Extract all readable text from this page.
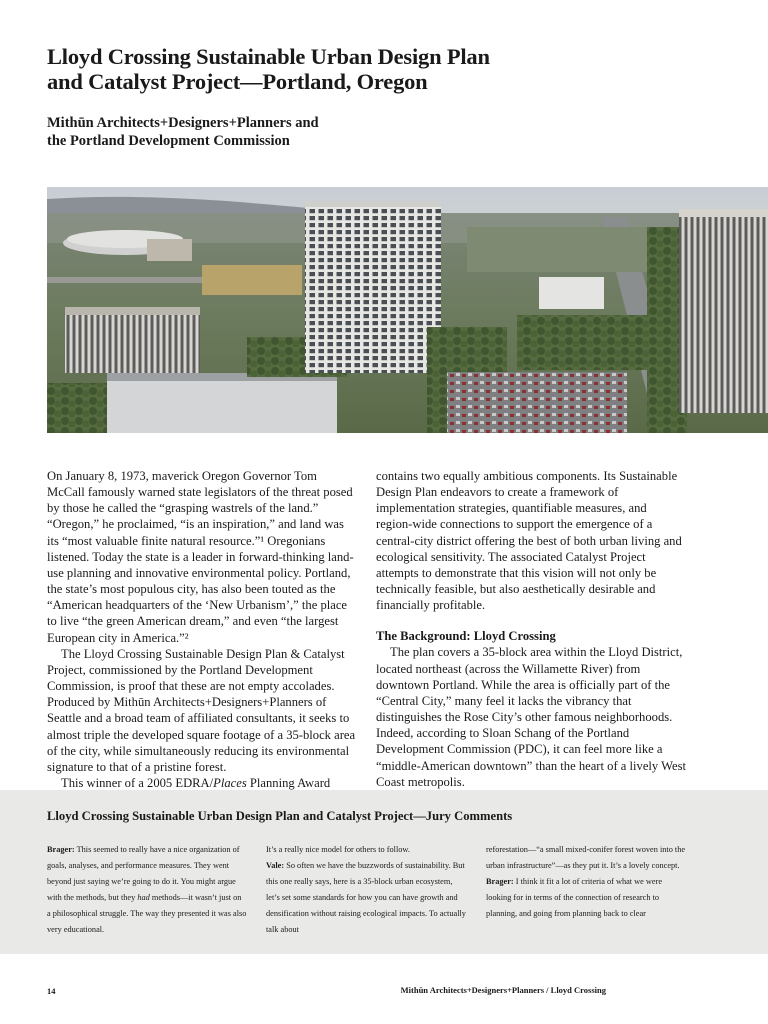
Lloyd Crossing Sustainable Urban Design Plan
and Catalyst Project—Portland, Oregon
Mithūn Architects+Designers+Planners and
the Portland Development Commission

On January 8, 1973, maverick Oregon Governor Tom McCall famously warned state legislators of the threat posed by those he called the “grasping wastrels of the land.” “Oregon,” he proclaimed, “is an inspiration,” and land was its “most valuable finite natural resource.”¹ Oregonians listened. Today the state is a leader in forward-thinking land-use planning and innovative environmental policy. Portland, the state’s most populous city, has also been touted as the “American headquarters of the ‘New Urbanism’,” the place to live “the green American dream,” and even “the largest European city in America.”²

The Lloyd Crossing Sustainable Design Plan & Catalyst Project, commissioned by the Portland Development Commission, is proof that these are not empty accolades. Produced by Mithūn Architects+Designers+Planners of Seattle and a broad team of affiliated consultants, it seeks to almost triple the developed square footage of a 35-block area of the city, while simultaneously reducing its environmental signature to that of a pristine forest.

This winner of a 2005 EDRA/Places Planning Award

contains two equally ambitious components. Its Sustainable Design Plan endeavors to create a framework of implementation strategies, quantifiable measures, and region-wide connections to support the emergence of a central-city district offering the best of both urban living and ecological sensitivity. The associated Catalyst Project attempts to demonstrate that this vision will not only be technically feasible, but also aesthetically desirable and financially profitable.

The Background: Lloyd Crossing

The plan covers a 35-block area within the Lloyd District, located northeast (across the Willamette River) from downtown Portland. While the area is officially part of the “Central City,” many feel it lacks the vibrancy that distinguishes the Rose City’s other famous neighborhoods. Indeed, according to Sloan Schang of the Portland Development Commission (PDC), it can feel more like a “middle-American downtown” than the heart of a lively West Coast metropolis.

Lloyd Crossing Sustainable Urban Design Plan and Catalyst Project—Jury Comments

Brager: This seemed to really have a nice organization of goals, analyses, and performance measures. They went beyond just saying we’re going to do it. You might argue with the methods, but they had methods—it wasn’t just on a philosophical struggle. The way they presented it was also very educational.

It’s a really nice model for others to follow.

Vale: So often we have the buzzwords of sustainability. But this one really says, here is a 35-block urban ecosystem, let’s set some standards for how you can have growth and densification without raising ecological impacts. To actually talk about

reforestation—“a small mixed-conifer forest woven into the urban infrastructure”—as they put it. It’s a lovely concept.

Brager: I think it fit a lot of criteria of what we were looking for in terms of the connection of research to planning, and going from planning back to clear

14	Mithūn Architects+Designers+Planners / Lloyd Crossing
